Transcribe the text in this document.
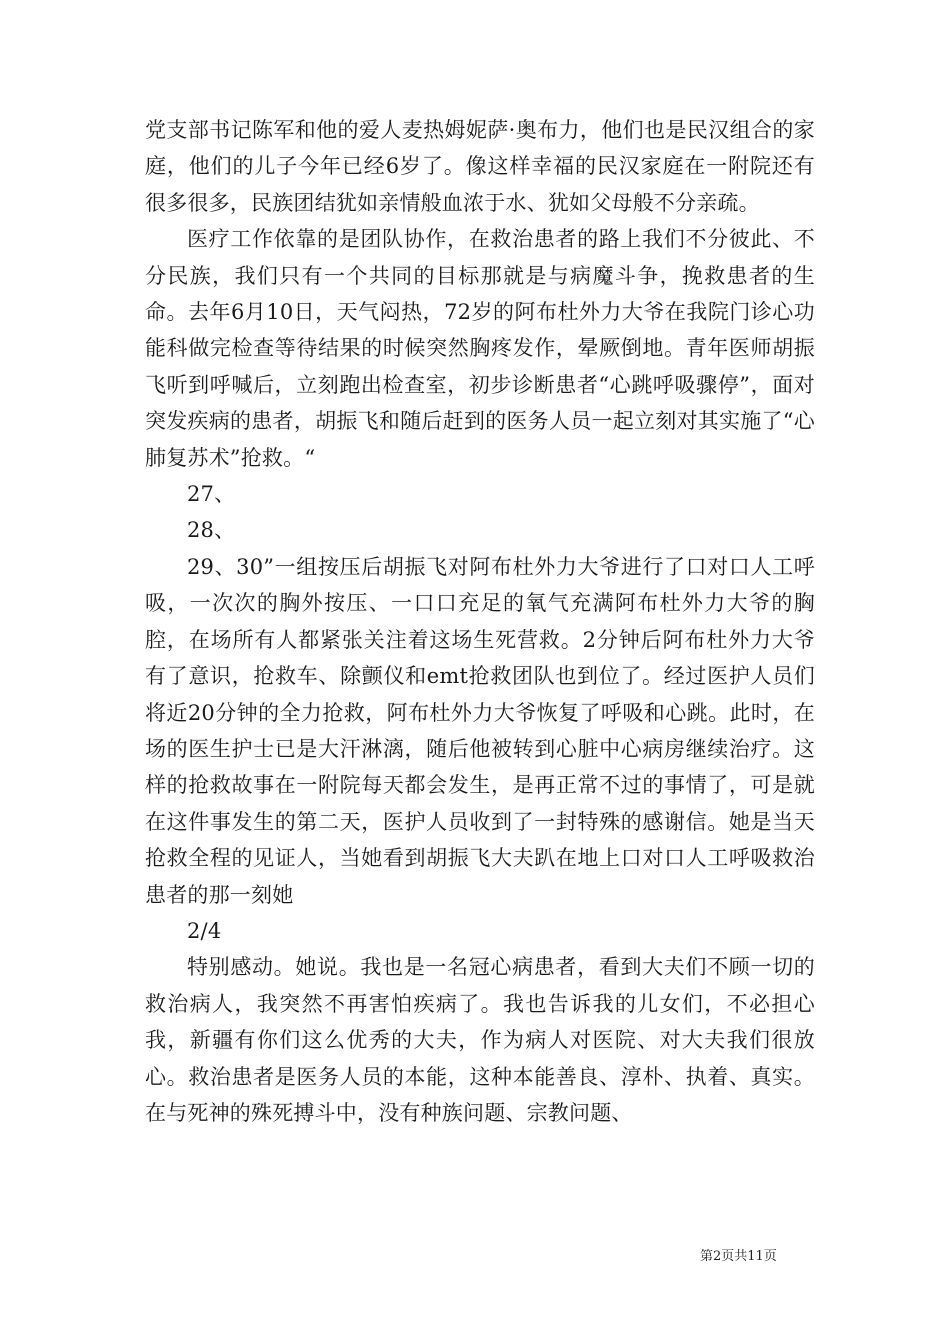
党支部书记陈军和他的爱人麦热姆妮萨·奥布力，他们也是民汉组合的家庭，他们的儿子今年已经6岁了。像这样幸福的民汉家庭在一附院还有很多很多，民族团结犹如亲情般血浓于水、犹如父母般不分亲疏。

医疗工作依靠的是团队协作，在救治患者的路上我们不分彼此、不分民族，我们只有一个共同的目标那就是与病魔斗争，挽救患者的生命。去年6月10日，天气闷热，72岁的阿布杜外力大爷在我院门诊心功能科做完检查等待结果的时候突然胸疼发作，晕厥倒地。青年医师胡振飞听到呼喊后，立刻跑出检查室，初步诊断患者“心跳呼吸骤停”，面对突发疾病的患者，胡振飞和随后赶到的医务人员一起立刻对其实施了“心肺复苏术”抢救。“

27、

28、

29、30”一组按压后胡振飞对阿布杜外力大爷进行了口对口人工呼吸，一次次的胸外按压、一口口充足的氧气充满阿布杜外力大爷的胸腔，在场所有人都紧张关注着这场生死营救。2分钟后阿布杜外力大爷有了意识，抢救车、除颤仪和emt抢救团队也到位了。经过医护人员们将近20分钟的全力抢救，阿布杜外力大爷恢复了呼吸和心跳。此时，在场的医生护士已是大汗淋漓，随后他被转到心脏中心病房继续治疗。这样的抢救故事在一附院每天都会发生，是再正常不过的事情了，可是就在这件事发生的第二天，医护人员收到了一封特殊的感谢信。她是当天抢救全程的见证人，当她看到胡振飞大夫趴在地上口对口人工呼吸救治患者的那一刻她

2/4

特别感动。她说。我也是一名冠心病患者，看到大夫们不顾一切的救治病人，我突然不再害怕疾病了。我也告诉我的儿女们，不必担心我，新疆有你们这么优秀的大夫，作为病人对医院、对大夫我们很放心。救治患者是医务人员的本能，这种本能善良、淳朴、执着、真实。在与死神的殊死搏斗中，没有种族问题、宗教问题、

第2页共11页
